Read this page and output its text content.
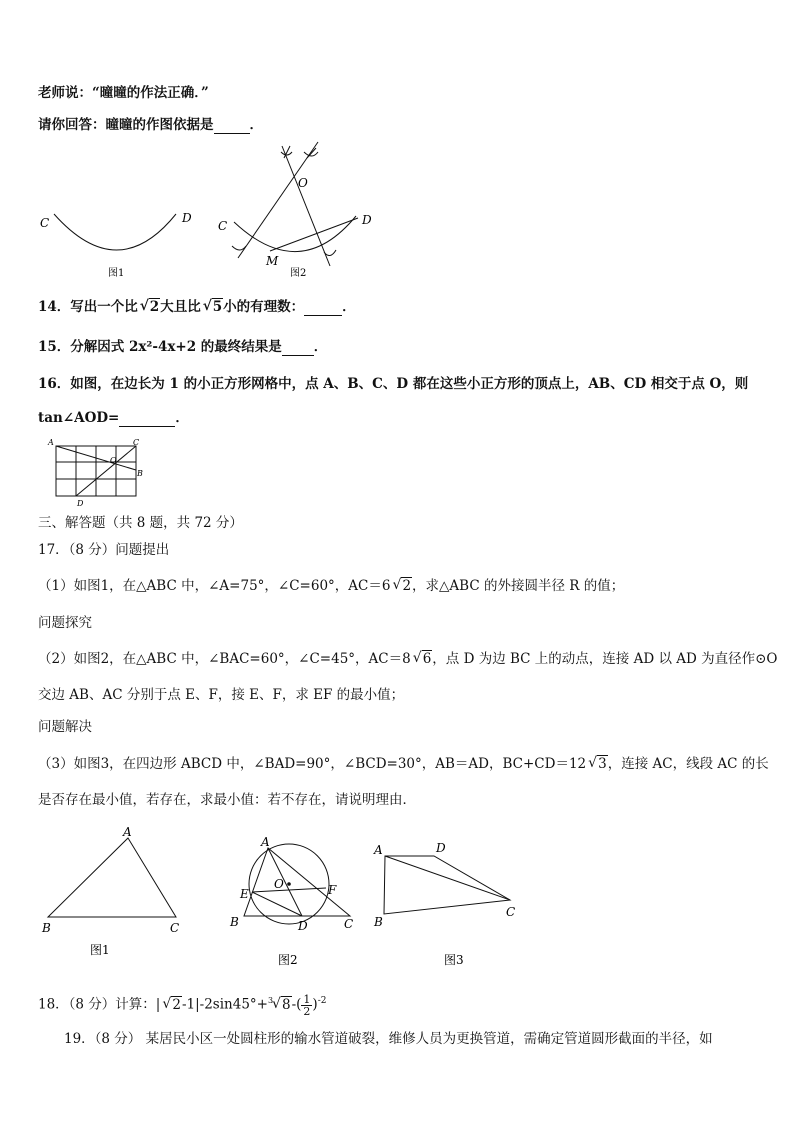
老师说：“曈曈的作法正确．”
请你回答：曈曈的作图依据是	．
C	D
图1
O
C	D
M
图2
14．写出一个比 √ 2大且比 √ 5小的有理数：	．
15．分解因式 2x²-4x+2 的最终结果是 ．
16．如图，在边长为 1 的小正方形网格中，点 A、B、C、D 都在这些小正方形的顶点上，AB、CD 相交于点 O，则
tan∠AOD=	．
A	C
O
B
D
三、解答题（共 8 题，共 72 分）
17．（8 分）问题提出
（1）如图1，在△ABC 中，∠A=75°，∠C=60°，AC＝6 √ 2，求△ABC 的外接圆半径 R 的值；
问题探究
（2）如图2，在△ABC 中，∠BAC=60°，∠C=45°，AC＝8 √ 6，点 D 为边 BC 上的动点，连接 AD 以 AD 为直径作⊙O
交边 AB、AC 分别于点 E、F，接 E、F，求 EF 的最小值；
问题解决
（3）如图3，在四边形 ABCD 中，∠BAD=90°，∠BCD=30°，AB＝AD，BC+CD＝12 √ 3，连接 AC，线段 AC 的长
是否存在最小值，若存在，求最小值：若不存在，请说明理由．
A
B	C
图1
A
O
E	F
B	D	C
图2
A	D
C
B
图3
18．（8 分）计算：| √ 2-1|-2sin45°+ 3 √ $8-( \frac{1}{2} )^{-2}$
19．（8 分） 某居民小区一处圆柱形的输水管道破裂，维修人员为更换管道，需确定管道圆形截面的半径，如
